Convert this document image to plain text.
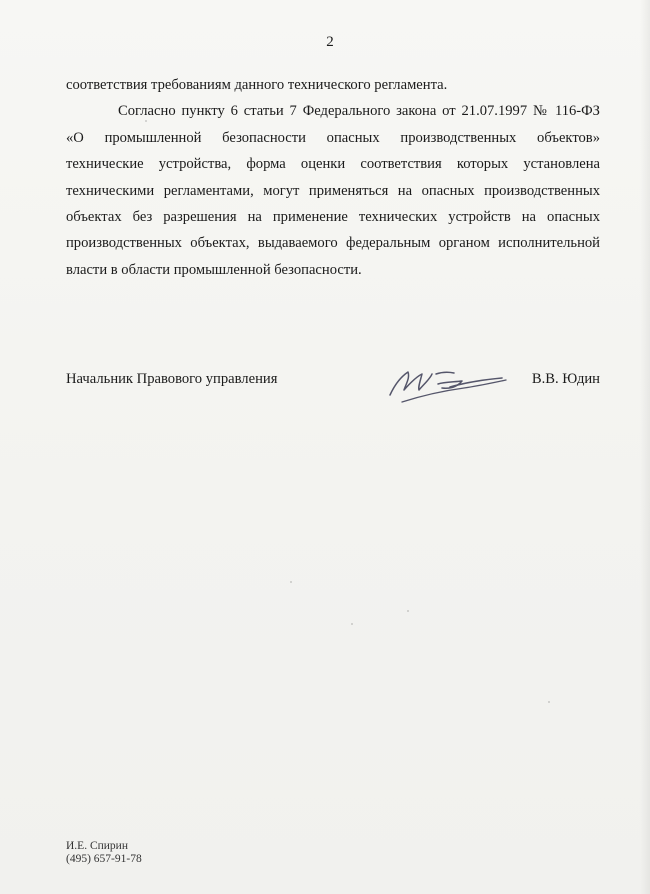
2
соответствия требованиям данного технического регламента.
Согласно пункту 6 статьи 7 Федерального закона от 21.07.1997 № 116-ФЗ
«О промышленной безопасности опасных производственных объектов»
технические устройства, форма оценки соответствия которых установлена
техническими регламентами, могут применяться на опасных производственных
объектах без разрешения на применение технических устройств на опасных
производственных объектах, выдаваемого федеральным органом исполнительной
власти в области промышленной безопасности.
Начальник Правового управления	В.В. Юдин
И.Е. Спирин
(495) 657-91-78
